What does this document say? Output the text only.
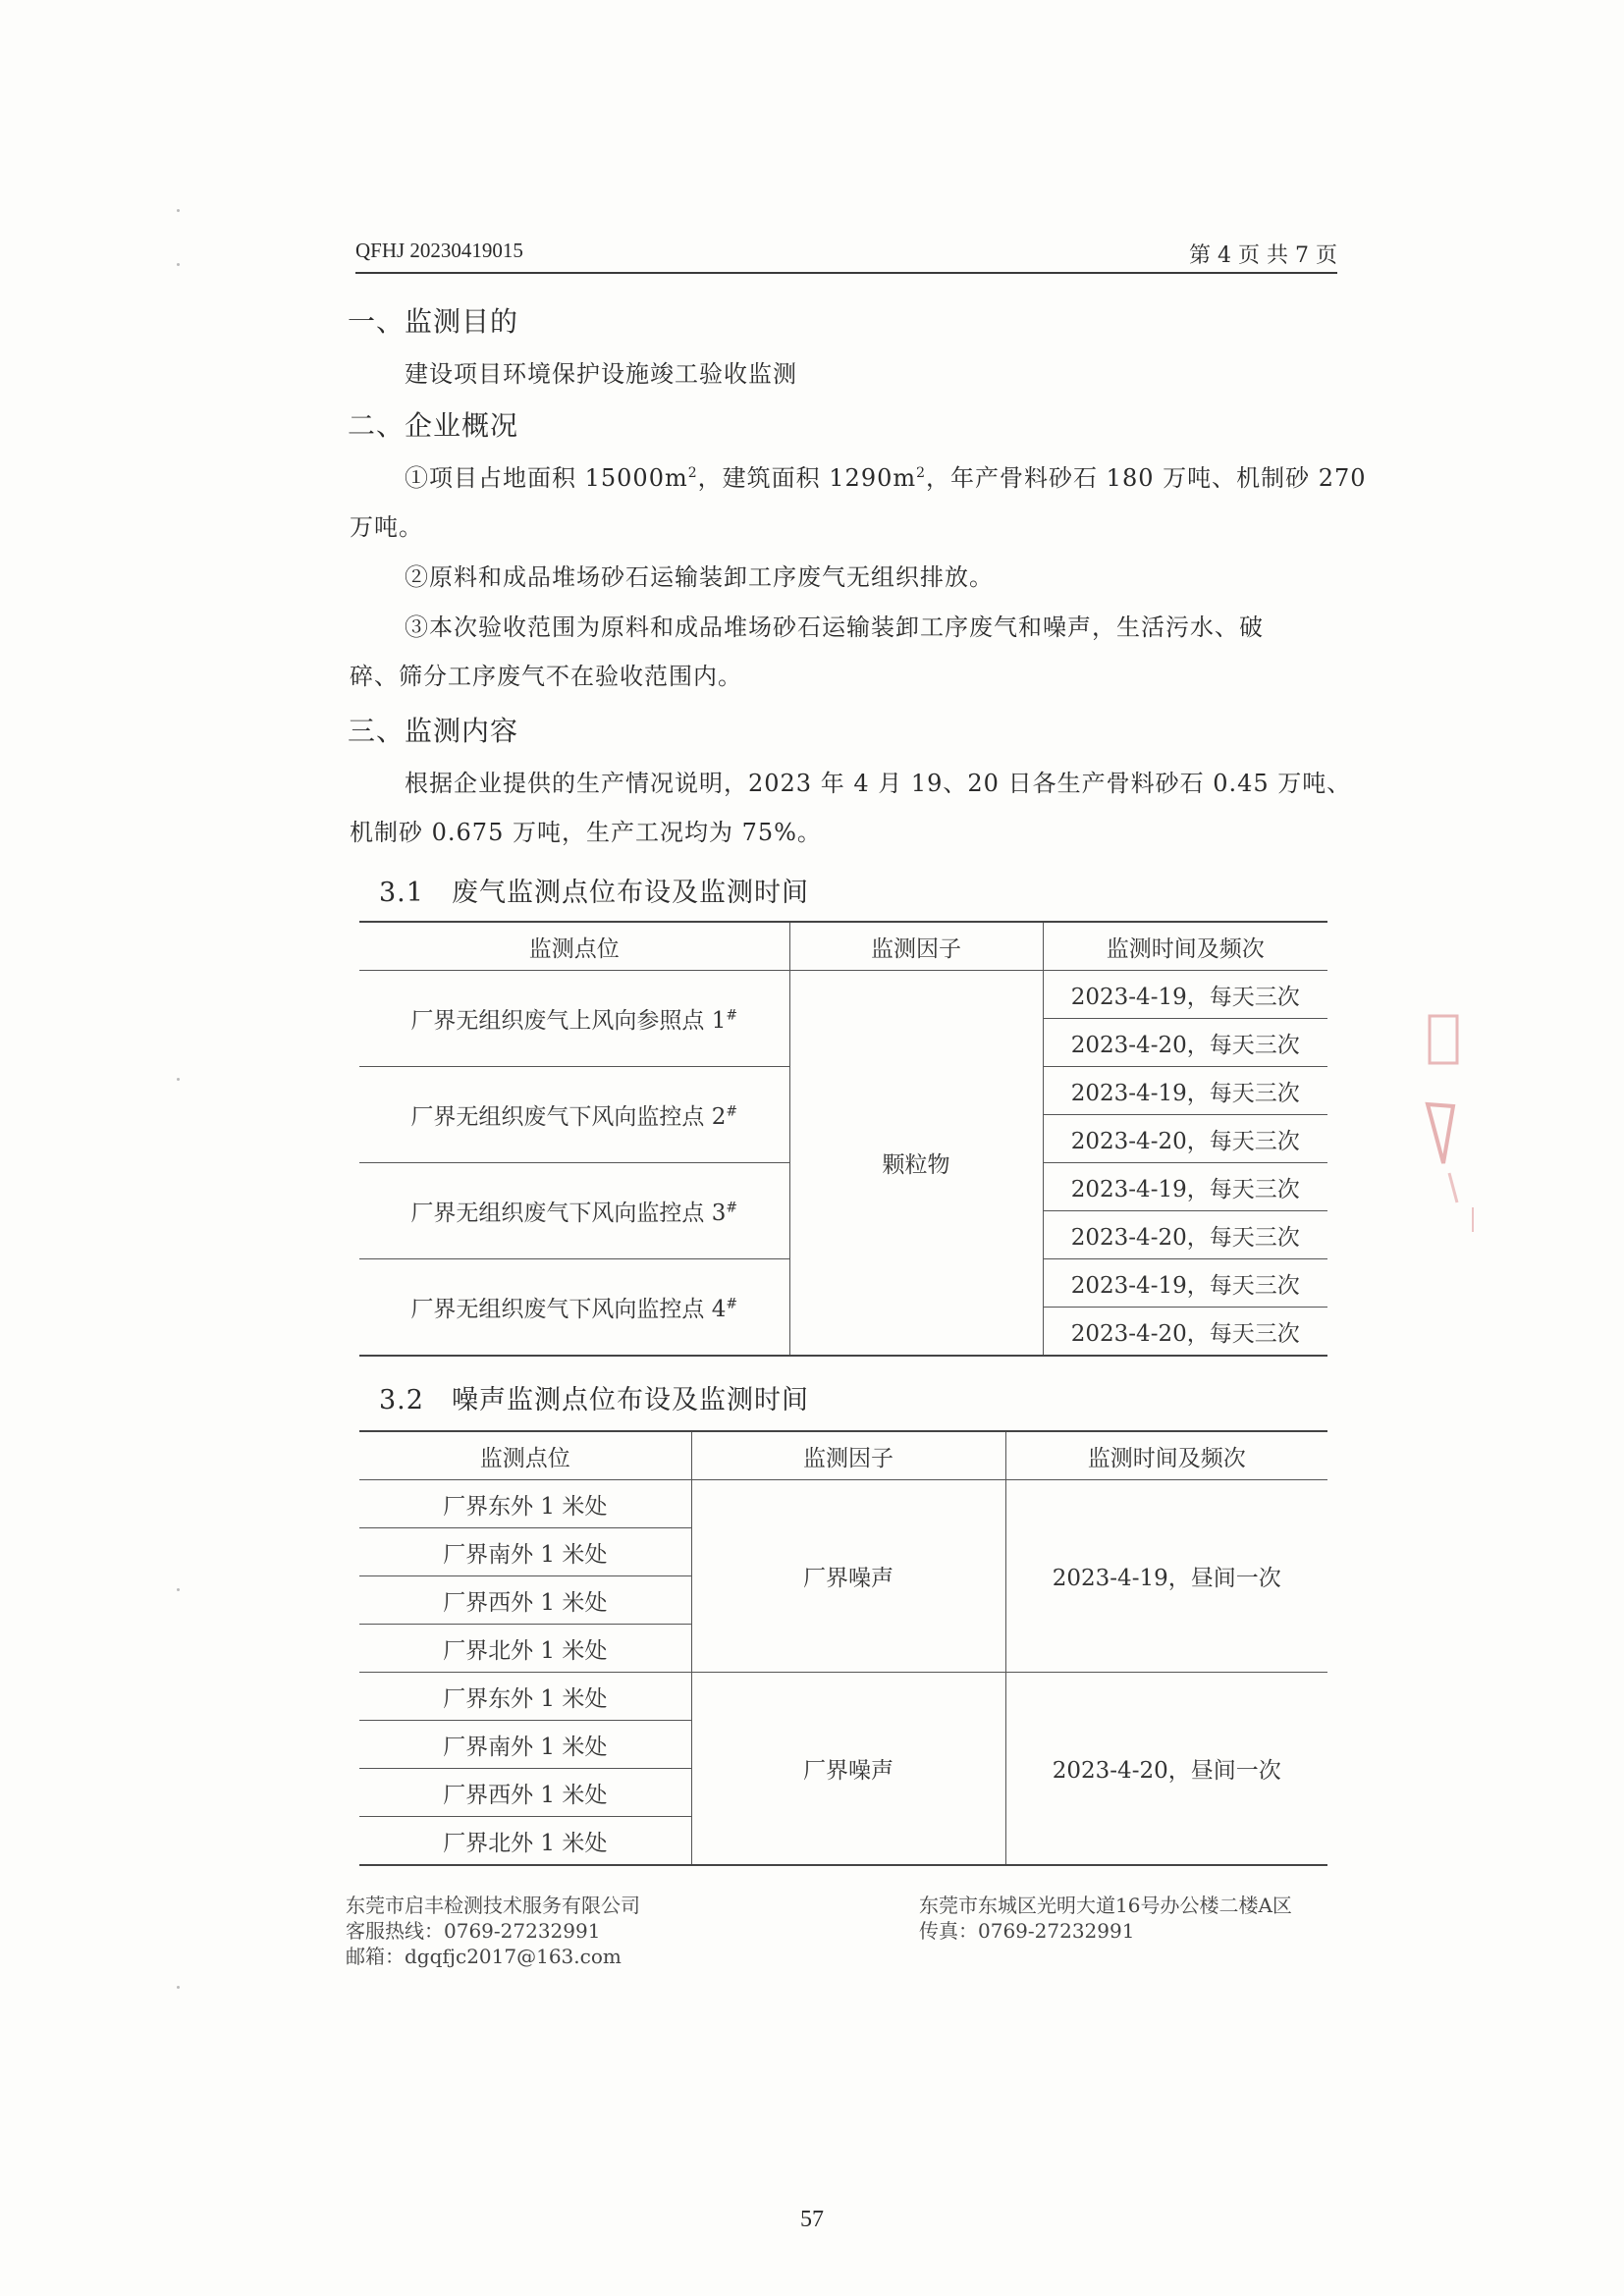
QFHJ 20230419015	第 4 页 共 7 页
一、监测目的
建设项目环境保护设施竣工验收监测
二、企业概况
①项目占地面积 $15000m^2$，建筑面积 $1290m^2$，年产骨料砂石 180 万吨、机制砂 270
万吨。
②原料和成品堆场砂石运输装卸工序废气无组织排放。
③本次验收范围为原料和成品堆场砂石运输装卸工序废气和噪声，生活污水、破
碎、筛分工序废气不在验收范围内。
三、监测内容
根据企业提供的生产情况说明，2023 年 4 月 19、20 日各生产骨料砂石 0.45 万吨、
机制砂 0.675 万吨，生产工况均为 75%。
3.1　废气监测点位布设及监测时间
监测点位	监测因子	监测时间及频次
厂界无组织废气上风向参照点 1#	颗粒物	2023-4-19，每天三次
		2023-4-20，每天三次
厂界无组织废气下风向监控点 2#		2023-4-19，每天三次
		2023-4-20，每天三次
厂界无组织废气下风向监控点 3#		2023-4-19，每天三次
		2023-4-20，每天三次
厂界无组织废气下风向监控点 4#		2023-4-19，每天三次
		2023-4-20，每天三次
3.2　噪声监测点位布设及监测时间
监测点位	监测因子	监测时间及频次
厂界东外 1 米处	厂界噪声	2023-4-19，昼间一次
厂界南外 1 米处		
厂界西外 1 米处		
厂界北外 1 米处		
厂界东外 1 米处	厂界噪声	2023-4-20，昼间一次
厂界南外 1 米处		
厂界西外 1 米处		
厂界北外 1 米处		
东莞市启丰检测技术服务有限公司
客服热线：0769-27232991
邮箱：dgqfjc2017@163.com
东莞市东城区光明大道16号办公楼二楼A区
传真：0769-27232991
57
